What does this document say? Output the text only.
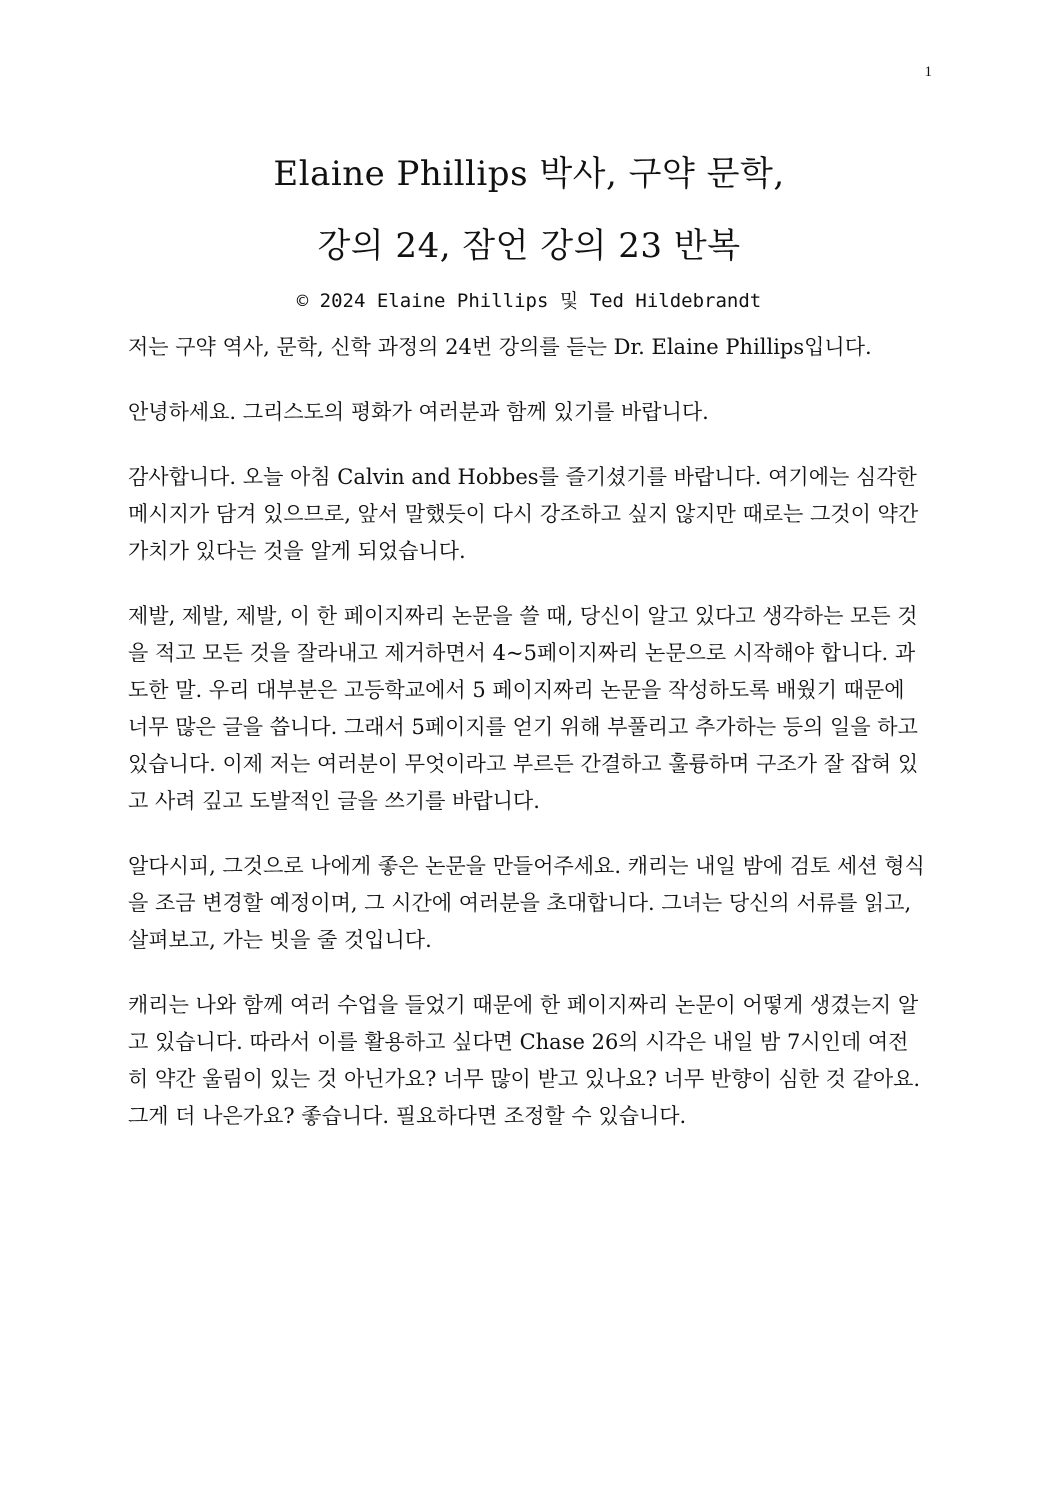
1
Elaine Phillips 박사, 구약 문학,
강의 24, 잠언 강의 23 반복
© 2024 Elaine Phillips 및 Ted Hildebrandt

저는 구약 역사, 문학, 신학 과정의 24번 강의를 듣는 Dr. Elaine Phillips입니다.

안녕하세요. 그리스도의 평화가 여러분과 함께 있기를 바랍니다.

감사합니다. 오늘 아침 Calvin and Hobbes를 즐기셨기를 바랍니다. 여기에는 심각한 메시지가 담겨 있으므로, 앞서 말했듯이 다시 강조하고 싶지 않지만 때로는 그것이 약간 가치가 있다는 것을 알게 되었습니다.

제발, 제발, 제발, 이 한 페이지짜리 논문을 쓸 때, 당신이 알고 있다고 생각하는 모든 것을 적고 모든 것을 잘라내고 제거하면서 4~5페이지짜리 논문으로 시작해야 합니다. 과도한 말. 우리 대부분은 고등학교에서 5 페이지짜리 논문을 작성하도록 배웠기 때문에 너무 많은 글을 씁니다. 그래서 5페이지를 얻기 위해 부풀리고 추가하는 등의 일을 하고 있습니다. 이제 저는 여러분이 무엇이라고 부르든 간결하고 훌륭하며 구조가 잘 잡혀 있고 사려 깊고 도발적인 글을 쓰기를 바랍니다.

알다시피, 그것으로 나에게 좋은 논문을 만들어주세요. 캐리는 내일 밤에 검토 세션 형식을 조금 변경할 예정이며, 그 시간에 여러분을 초대합니다. 그녀는 당신의 서류를 읽고, 살펴보고, 가는 빗을 줄 것입니다.

캐리는 나와 함께 여러 수업을 들었기 때문에 한 페이지짜리 논문이 어떻게 생겼는지 알고 있습니다. 따라서 이를 활용하고 싶다면 Chase 26의 시각은 내일 밤 7시인데 여전히 약간 울림이 있는 것 아닌가요? 너무 많이 받고 있나요? 너무 반향이 심한 것 같아요. 그게 더 나은가요? 좋습니다. 필요하다면 조정할 수 있습니다.
